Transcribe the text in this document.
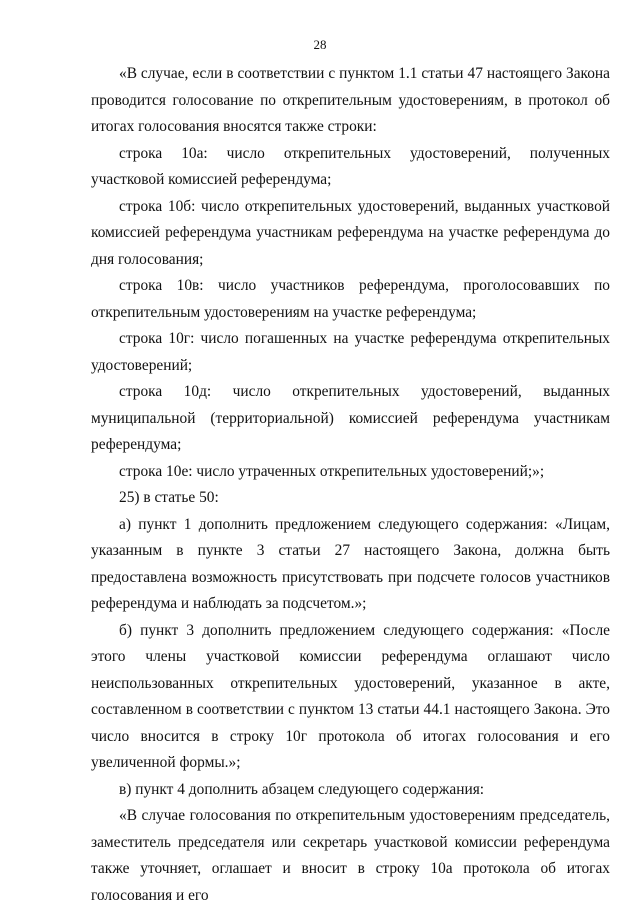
28

«В случае, если в соответствии с пунктом 1.1 статьи 47 настоящего Закона проводится голосование по открепительным удостоверениям, в протокол об итогах голосования вносятся также строки:

строка 10а: число открепительных удостоверений, полученных участковой комиссией референдума;

строка 10б: число открепительных удостоверений, выданных участковой комиссией референдума участникам референдума на участке референдума до дня голосования;

строка 10в: число участников референдума, проголосовавших по открепительным удостоверениям на участке референдума;

строка 10г: число погашенных на участке референдума открепительных удостоверений;

строка 10д: число открепительных удостоверений, выданных муниципальной (территориальной) комиссией референдума участникам референдума;

строка 10е: число утраченных открепительных удостоверений;»;

25) в статье 50:

а) пункт 1 дополнить предложением следующего содержания: «Лицам, указанным в пункте 3 статьи 27 настоящего Закона, должна быть предоставлена возможность присутствовать при подсчете голосов участников референдума и наблюдать за подсчетом.»;

б) пункт 3 дополнить предложением следующего содержания: «После этого члены участковой комиссии референдума оглашают число неиспользованных открепительных удостоверений, указанное в акте, составленном в соответствии с пунктом 13 статьи 44.1 настоящего Закона. Это число вносится в строку 10г протокола об итогах голосования и его увеличенной формы.»;

в) пункт 4 дополнить абзацем следующего содержания:

«В случае голосования по открепительным удостоверениям председатель, заместитель председателя или секретарь участковой комиссии референдума также уточняет, оглашает и вносит в строку 10а протокола об итогах голосования и его
